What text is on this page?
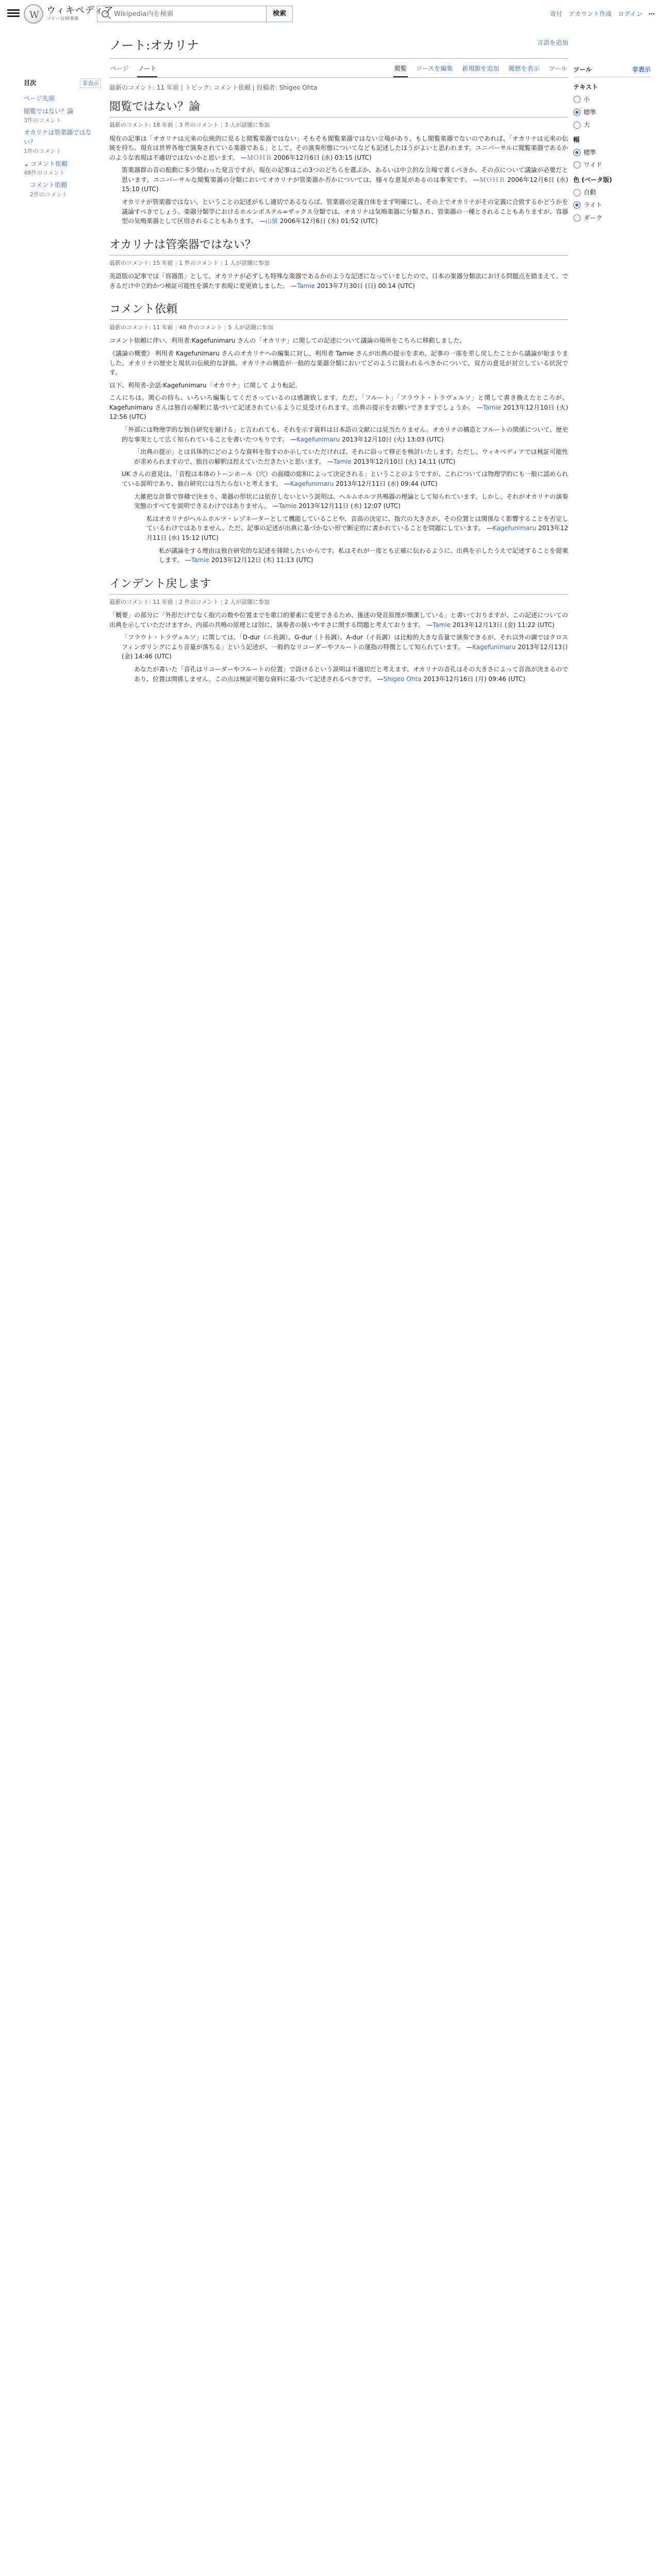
W
ウィキペディア
フリー百科事典
Wikipedia内を検索
検索	寄付 アカウント作成 ログイン ⋯
目次	非表示
ページ先頭
閲覧ではない？論
3件のコメント
オカリナは管楽器ではない？
1件のコメント
⌄ コメント依頼
48件のコメント
コメント依頼
2件のコメント
ツール	非表示
テキスト
小
標準
大
幅
標準
ワイド
色 (ベータ版)
自動
ライト
ダーク
ノート:オカリナ	言語を追加
ページ ノート	閲覧 ソースを編集 新規節を追加 履歴を表示 ツール
最新のコメント: 11 年前 | トピック: コメント依頼 | 投稿者: Shigeo Ohta
閲覧ではない？論
最新のコメント: 18 年前 | 3 件のコメント | 3 人が話題に参加

現在の記事は「オカリナは元来の伝統的に見ると閲覧楽器ではない」そもそも閲覧楽器ではない立場があり、もし閲覧楽器でないのであれば、「オカリナは元来の伝統を持ち、現在は世界各地で演奏されている楽器である」として、その演奏形態についてなども記述したほうがよいと思われます。ユニバーサルに閲覧楽器であるかのような表現は不適切ではないかと思います。 —ＭＯＨＢ 2006年12月6日 (水) 03:15 (UTC)

笛楽器群の音の振動に多少関わった発言ですが、現在の記事はこの3つのどちらを選ぶか、あるいは中立的な立場で書くべきか、その点について議論が必要だと思います。ユニバーサルな閲覧楽器の分類においてオカリナが管楽器か否かについては、様々な意見があるのは事実です。 —ＭＯＨＢ 2006年12月6日 (水) 15:10 (UTC)

オカリナが管楽器ではない、ということの記述がもし適切であるならば、管楽器の定義自体をまず明確にし、その上でオカリナがその定義に合致するかどうかを議論すべきでしょう。楽器分類学におけるホルンボステル=ザックス分類では、オカリナは気鳴楽器に分類され、管楽器の一種とされることもありますが、容器型の気鳴楽器として区別されることもあります。 —山猿 2006年12月6日 (水) 01:52 (UTC)

オカリナは管楽器ではない？
最新のコメント: 15 年前 | 1 件のコメント | 1 人が話題に参加

英語版の記事では「容器笛」として、オカリナが必ずしも特殊な楽器であるかのような記述になっていましたので、日本の楽器分類法における問題点を踏まえて、できるだけ中立的かつ検証可能性を満たす表現に変更致しました。 —Tamie 2013年7月30日 (日) 00:14 (UTC)

コメント依頼
最新のコメント: 11 年前 | 48 件のコメント | 5 人が話題に参加

コメント依頼に伴い、利用者:Kagefunimaru さんの「オカリナ」に関しての記述について議論の場所をこちらに移動しました。

《議論の概要》 利用者 Kagefunimaru さんのオカリナへの編集に対し、利用者 Tamie さんが出典の提示を求め、記事の一部を差し戻したことから議論が始まりました。オカリナの歴史と現状の伝統的な評価、オカリナの構造が一般的な楽器分類においてどのように扱われるべきかについて、双方の意見が対立している状況です。

以下、利用者‐会話:Kagefunimaru「オカリナ」に関して より転記。

こんにちは。関心の持ち、いろいろ編集してくださっているのは感謝致します。ただ、「フルート」「フラウト・トラヴェルソ」と関して書き換えたところが、Kagefunimaru さんは独自の解釈に基づいて記述されているように見受けられます。出典の提示をお願いできますでしょうか。 —Tamie 2013年12月10日 (火) 12:56 (UTC)

「外部には物理学的な独自研究を避ける」と言われても、それを示す資料は日本語の文献には見当たりません。オカリナの構造とフルートの関係について、歴史的な事実として広く知られていることを書いたつもりです。 —Kagefunimaru 2013年12月10日 (火) 13:03 (UTC)

「出典の提示」とは具体的にどのような資料を指すのか示していただければ、それに沿って修正を検討いたします。ただし、ウィキペディアでは検証可能性が求められますので、独自の解釈は控えていただきたいと思います。 —Tamie 2013年12月10日 (火) 14:11 (UTC)

UK さんの意見は、「音程は本体のトーンホール（穴）の面積の総和によって決定される」ということのようですが、これについては物理学的にも一般に認められている説明であり、独自研究には当たらないと考えます。 —Kagefunimaru 2013年12月11日 (水) 09:44 (UTC)

大雑把な計算で容積で決まり、楽器の形状には依存しないという説明は、ヘルムホルツ共鳴器の理論として知られています。しかし、それがオカリナの演奏実態のすべてを説明できるわけではありません。 —Tamie 2013年12月11日 (水) 12:07 (UTC)

私はオカリナがヘルムホルツ・レゾネーターとして機能していることや、音高の決定に、指穴の大きさが、その位置とは関係なく影響することを否定しているわけではありません。ただ、記事の記述が出典に基づかない形で断定的に書かれていることを問題にしています。 —Kagefunimaru 2013年12月11日 (水) 15:12 (UTC)

私が議論をする理由は独自研究的な記述を排除したいからです。私はそれが一度とも正確に伝わるように、出典を示したうえで記述することを提案します。 —Tamie 2013年12月12日 (木) 11:13 (UTC)

インデント戻します
最新のコメント: 11 年前 | 2 件のコメント | 2 人が話題に参加

「概要」の部分に「外形だけでなく指穴の数や位置までを歌口的要素に変更できるため、後述の発音原理が簡潔している」と書いておりますが、この記述についての出典を示していただけますか。内部の共鳴の原理とは別に、演奏者の扱いやすさに関する問題と考えております。 —Tamie 2013年12月13日 (金) 11:22 (UTC)

「フラウト・トラヴェルソ」に関しては、「D-dur（ニ長調）、G-dur（ト長調）、A-dur（イ長調）は比較的大きな音量で演奏できるが、それ以外の調ではクロスフィンガリングにより音量が落ちる」という記述が、一般的なリコーダーやフルートの運指の特徴として知られています。 —Kagefunimaru 2013年12月13日 (金) 14:46 (UTC)

あなたが書いた「音孔はリコーダーやフルートの位置」で設けるという説明は不適切だと考えます。オカリナの音孔はその大きさによって音高が決まるのであり、位置は関係しません。この点は検証可能な資料に基づいて記述されるべきです。 —Shigeo Ohta 2013年12月16日 (月) 09:46 (UTC)
